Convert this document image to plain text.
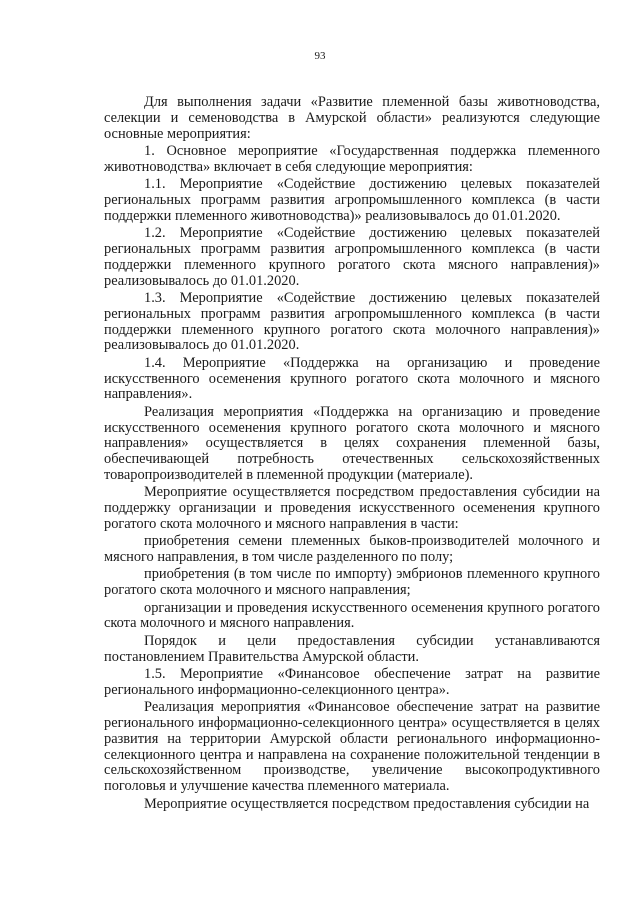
93

Для выполнения задачи «Развитие племенной базы животноводства, селекции и семеноводства в Амурской области» реализуются следующие основные мероприятия:

1. Основное мероприятие «Государственная поддержка племенного животноводства» включает в себя следующие мероприятия:

1.1. Мероприятие «Содействие достижению целевых показателей региональных программ развития агропромышленного комплекса (в части поддержки племенного животноводства)» реализовывалось до 01.01.2020.

1.2. Мероприятие «Содействие достижению целевых показателей региональных программ развития агропромышленного комплекса (в части поддержки племенного крупного рогатого скота мясного направления)» реализовывалось до 01.01.2020.

1.3. Мероприятие «Содействие достижению целевых показателей региональных программ развития агропромышленного комплекса (в части поддержки племенного крупного рогатого скота молочного направления)» реализовывалось до 01.01.2020.

1.4. Мероприятие «Поддержка на организацию и проведение искусственного осеменения крупного рогатого скота молочного и мясного направления».

Реализация мероприятия «Поддержка на организацию и проведение искусственного осеменения крупного рогатого скота молочного и мясного направления» осуществляется в целях сохранения племенной базы, обеспечивающей потребность отечественных сельскохозяйственных товаропроизводителей в племенной продукции (материале).

Мероприятие осуществляется посредством предоставления субсидии на поддержку организации и проведения искусственного осеменения крупного рогатого скота молочного и мясного направления в части:

приобретения семени племенных быков-производителей молочного и мясного направления, в том числе разделенного по полу;

приобретения (в том числе по импорту) эмбрионов племенного крупного рогатого скота молочного и мясного направления;

организации и проведения искусственного осеменения крупного рогатого скота молочного и мясного направления.

Порядок и цели предоставления субсидии устанавливаются постановлением Правительства Амурской области.

1.5. Мероприятие «Финансовое обеспечение затрат на развитие регионального информационно-селекционного центра».

Реализация мероприятия «Финансовое обеспечение затрат на развитие регионального информационно-селекционного центра» осуществляется в целях развития на территории Амурской области регионального информационно-селекционного центра и направлена на сохранение положительной тенденции в сельскохозяйственном производстве, увеличение высокопродуктивного поголовья и улучшение качества племенного материала.

Мероприятие осуществляется посредством предоставления субсидии на
